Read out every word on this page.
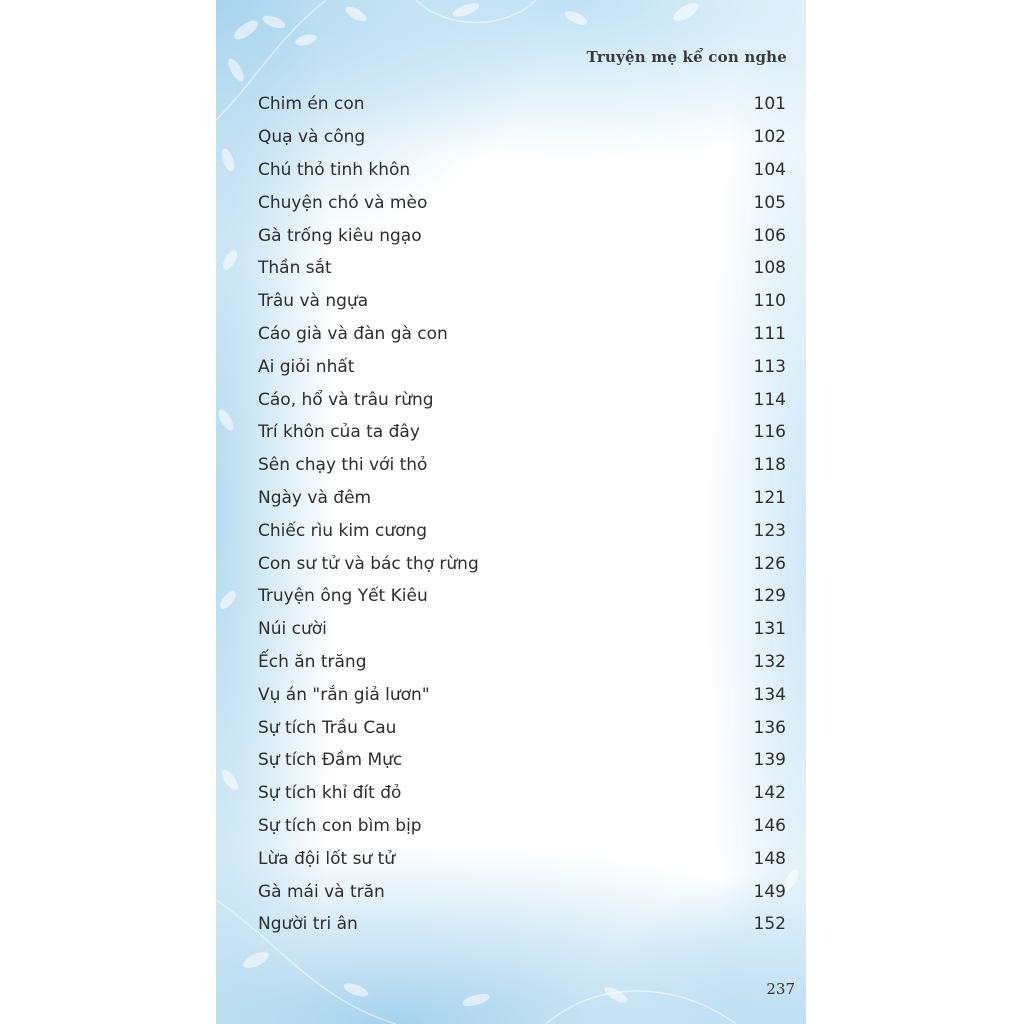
Truyện mẹ kể con nghe
Chim én con	101
Quạ và công	102
Chú thỏ tinh khôn	104
Chuyện chó và mèo	105
Gà trống kiêu ngạo	106
Thần sắt	108
Trâu và ngựa	110
Cáo già và đàn gà con	111
Ai giỏi nhất	113
Cáo, hổ và trâu rừng	114
Trí khôn của ta đây	116
Sên chạy thi với thỏ	118
Ngày và đêm	121
Chiếc rìu kim cương	123
Con sư tử và bác thợ rừng	126
Truyện ông Yết Kiêu	129
Núi cười	131
Ếch ăn trăng	132
Vụ án "rắn giả lươn"	134
Sự tích Trầu Cau	136
Sự tích Đầm Mực	139
Sự tích khỉ đít đỏ	142
Sự tích con bìm bịp	146
Lừa đội lốt sư tử	148
Gà mái và trăn	149
Người tri ân	152
237
